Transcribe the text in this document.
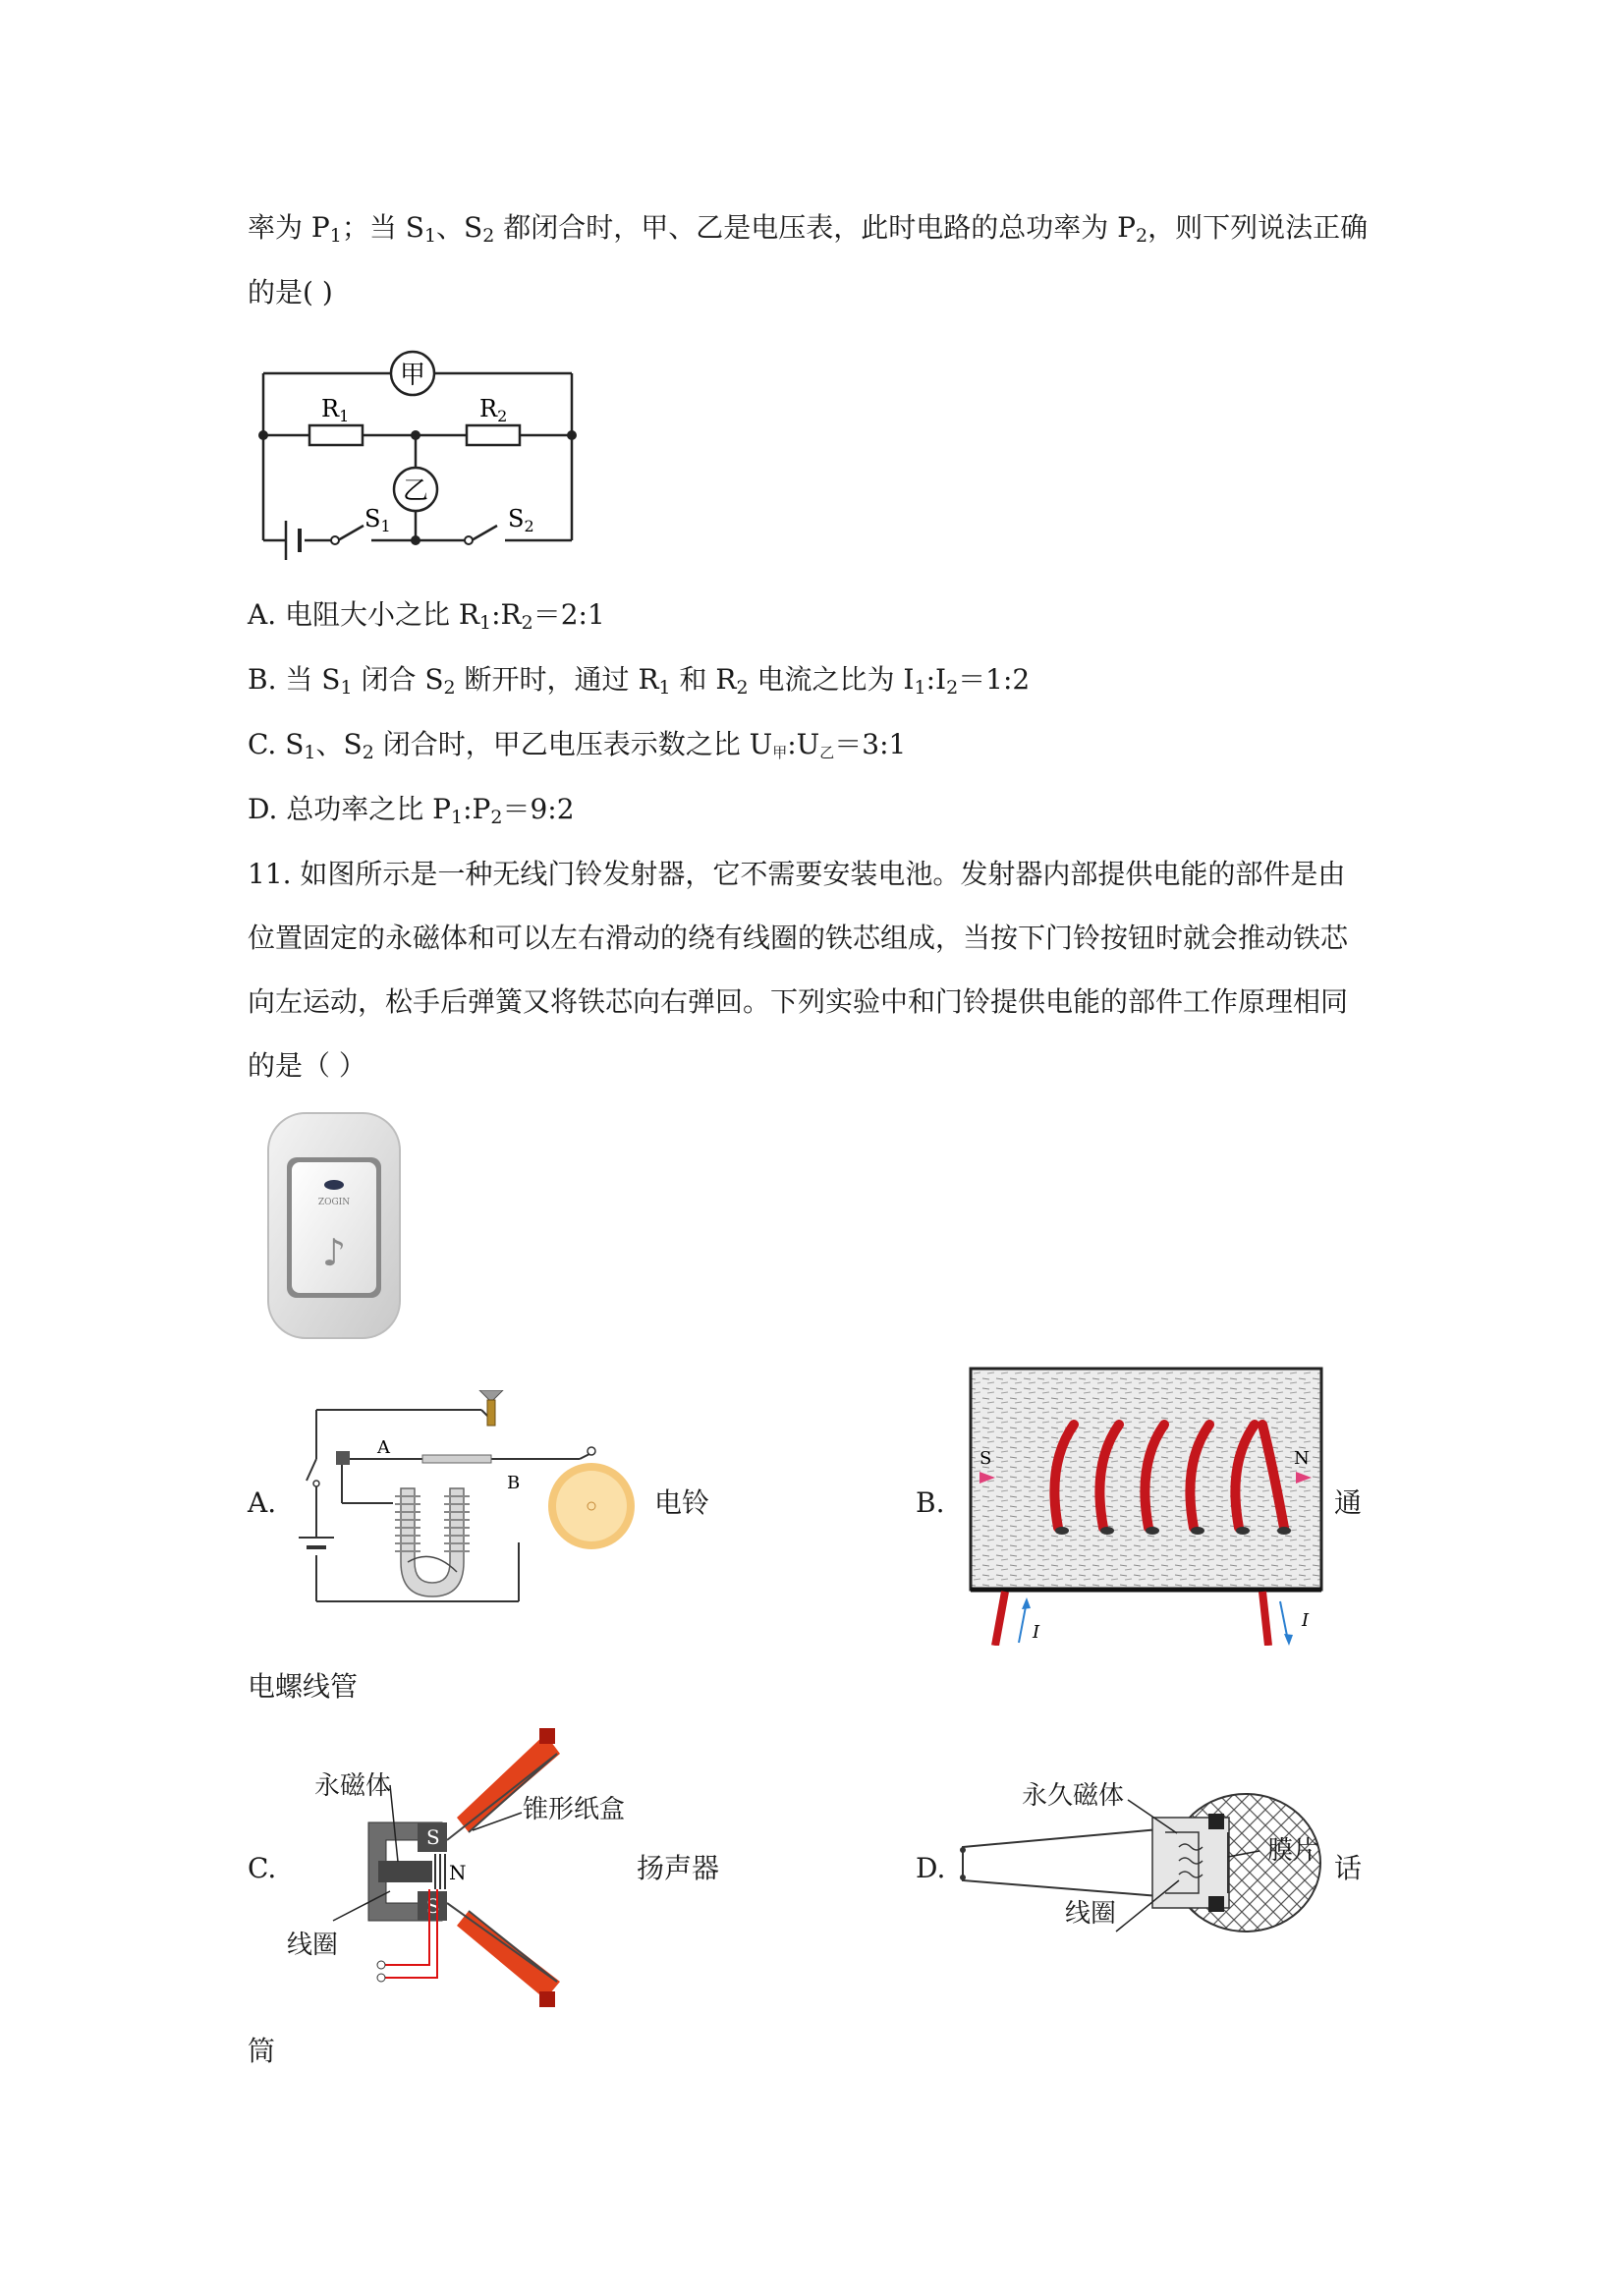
率为 $P_1$；当 $S_1$、$S_2$ 都闭合时，甲、乙是电压表，此时电路的总功率为 $P_2$，则下列说法正确
的是( )
甲
乙
$R_1$	$R_2$
$S_1$	$S_2$
A. 电阻大小之比 $R_1:R_2=2:1$
B. 当 $S_1$ 闭合 $S_2$ 断开时，通过 $R_1$ 和 $R_2$ 电流之比为 $I_1:I_2=1:2$
C. $S_1$、$S_2$ 闭合时，甲乙电压表示数之比 U甲:U乙＝3:1
D. 总功率之比 $P_1:P_2=9:2$
11. 如图所示是一种无线门铃发射器，它不需要安装电池。发射器内部提供电能的部件是由
位置固定的永磁体和可以左右滑动的绕有线圈的铁芯组成，当按下门铃按钮时就会推动铁芯
向左运动，松手后弹簧又将铁芯向右弹回。下列实验中和门铃提供电能的部件工作原理相同
的是（ ）
ZOGIN
♪
A.
A
B
电铃	B.
I
I
S	N
通
电螺线管
C.
S
S
N
永磁体
锥形纸盒
线圈
扬声器	D.
永久磁体
膜片
线圈
话
筒
